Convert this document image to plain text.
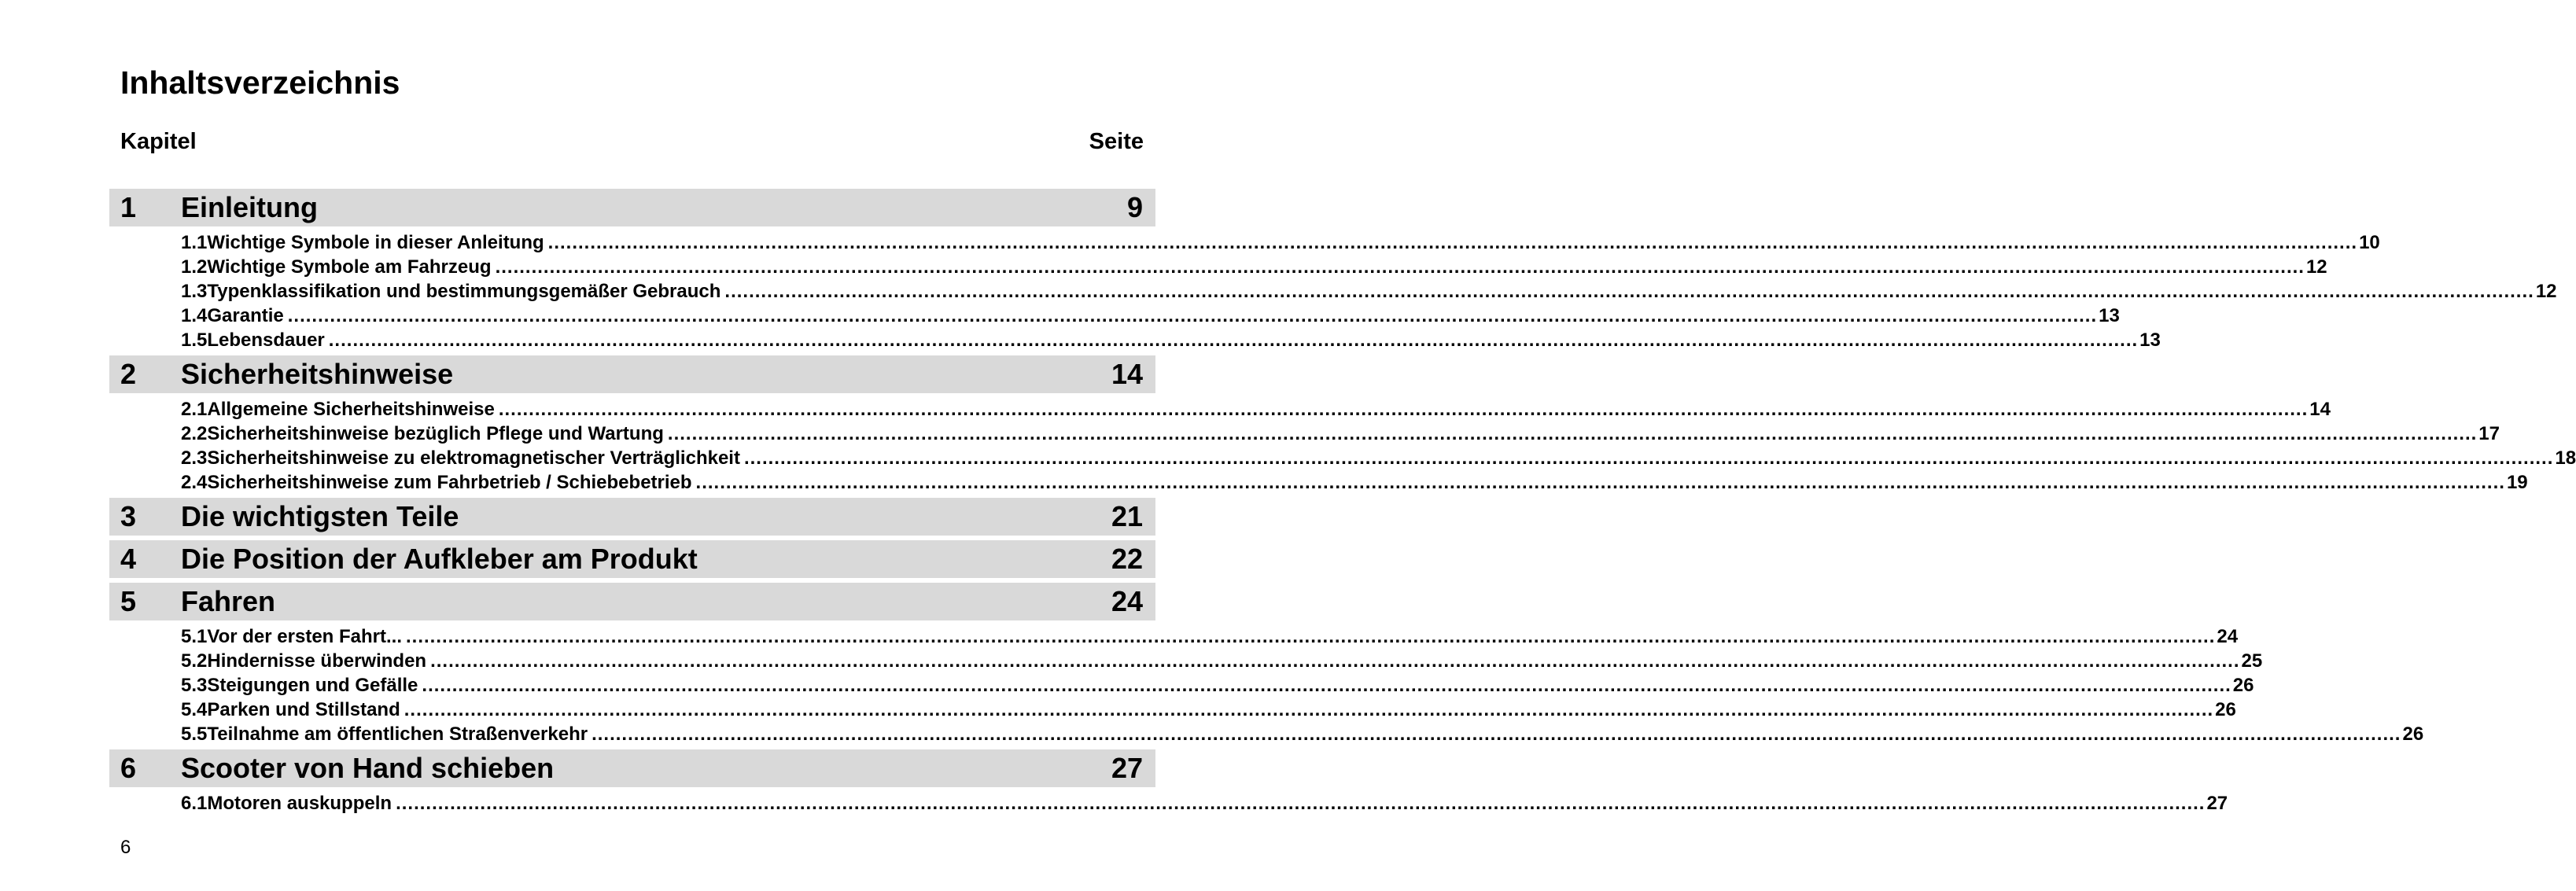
Inhaltsverzeichnis
Kapitel	Seite
1	Einleitung	9
1.1 Wichtige Symbole in dieser Anleitung ............................................................................................................................................................................................................................................................................................................ 10
1.2 Wichtige Symbole am Fahrzeug ............................................................................................................................................................................................................................................................................................................ 12
1.3 Typenklassifikation und bestimmungsgemäßer Gebrauch ............................................................................................................................................................................................................................................................................................................ 12
1.4 Garantie ............................................................................................................................................................................................................................................................................................................ 13
1.5 Lebensdauer ............................................................................................................................................................................................................................................................................................................ 13
2	Sicherheitshinweise	14
2.1 Allgemeine Sicherheitshinweise ............................................................................................................................................................................................................................................................................................................ 14
2.2 Sicherheitshinweise bezüglich Pflege und Wartung ............................................................................................................................................................................................................................................................................................................ 17
2.3 Sicherheitshinweise zu elektromagnetischer Verträglichkeit ............................................................................................................................................................................................................................................................................................................ 18
2.4 Sicherheitshinweise zum Fahrbetrieb / Schiebebetrieb ............................................................................................................................................................................................................................................................................................................ 19
3	Die wichtigsten Teile	21
4	Die Position der Aufkleber am Produkt	22
5	Fahren	24
5.1 Vor der ersten Fahrt... ............................................................................................................................................................................................................................................................................................................ 24
5.2 Hindernisse überwinden ............................................................................................................................................................................................................................................................................................................ 25
5.3 Steigungen und Gefälle ............................................................................................................................................................................................................................................................................................................ 26
5.4 Parken und Stillstand ............................................................................................................................................................................................................................................................................................................ 26
5.5 Teilnahme am öffentlichen Straßenverkehr ............................................................................................................................................................................................................................................................................................................ 26
6	Scooter von Hand schieben	27
6.1 Motoren auskuppeln ............................................................................................................................................................................................................................................................................................................ 27
6
